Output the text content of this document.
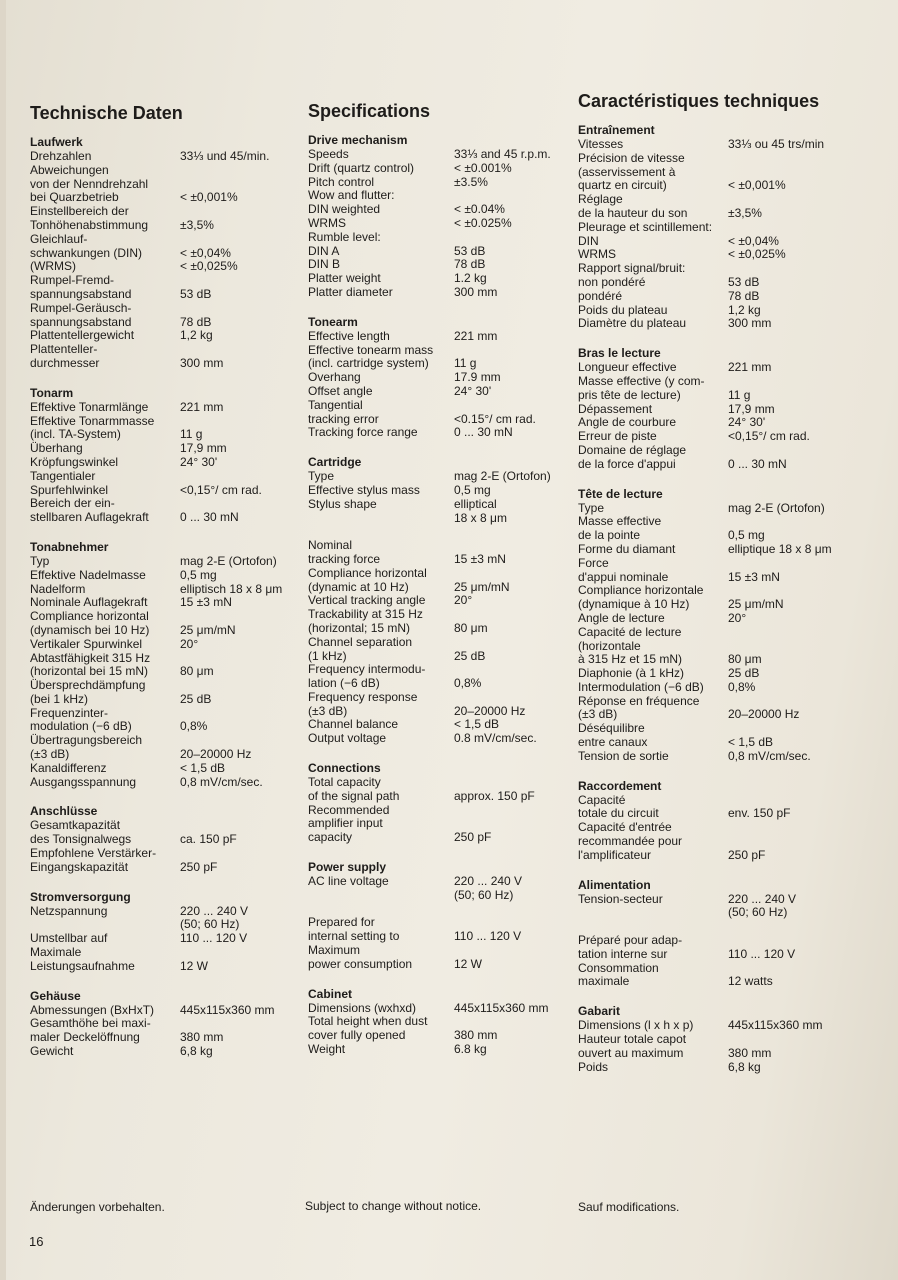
Technische Daten
Laufwerk
Drehzahlen	33⅓ und 45/min.
Abweichungen
von der Nenndrehzahl
bei Quarzbetrieb	< ±0,001%
Einstellbereich der
Tonhöhenabstimmung	±3,5%
Gleichlauf-
schwankungen (DIN)	< ±0,04%
(WRMS)	< ±0,025%
Rumpel-Fremd-
spannungsabstand	53 dB
Rumpel-Geräusch-
spannungsabstand	78 dB
Plattentellergewicht	1,2 kg
Plattenteller-
durchmesser	300 mm
Tonarm
Effektive Tonarmlänge	221 mm
Effektive Tonarmmasse
(incl. TA-System)	11 g
Überhang	17,9 mm
Kröpfungswinkel	24° 30'
Tangentialer
Spurfehlwinkel	<0,15°/ cm rad.
Bereich der ein-
stellbaren Auflagekraft	0 ... 30 mN
Tonabnehmer
Typ	mag 2-E (Ortofon)
Effektive Nadelmasse	0,5 mg
Nadelform	elliptisch 18 x 8 μm
Nominale Auflagekraft	15 ±3 mN
Compliance horizontal
(dynamisch bei 10 Hz)	25 μm/mN
Vertikaler Spurwinkel	20°
Abtastfähigkeit 315 Hz
(horizontal bei 15 mN)	80 μm
Übersprechdämpfung
(bei 1 kHz)	25 dB
Frequenzinter-
modulation (−6 dB)	0,8%
Übertragungsbereich
(±3 dB)	20–20000 Hz
Kanaldifferenz	< 1,5 dB
Ausgangsspannung	0,8 mV/cm/sec.
Anschlüsse
Gesamtkapazität
des Tonsignalwegs	ca. 150 pF
Empfohlene Verstärker-
Eingangskapazität	250 pF
Stromversorgung
Netzspannung	220 ... 240 V
(50; 60 Hz)
Umstellbar auf	110 ... 120 V
Maximale
Leistungsaufnahme	12 W
Gehäuse
Abmessungen (BxHxT)	445x115x360 mm
Gesamthöhe bei maxi-
maler Deckelöffnung	380 mm
Gewicht	6,8 kg
Specifications
Drive mechanism
Speeds	33⅓ and 45 r.p.m.
Drift (quartz control)	< ±0.001%
Pitch control	±3.5%
Wow and flutter:
DIN weighted	< ±0.04%
WRMS	< ±0.025%
Rumble level:
DIN A	53 dB
DIN B	78 dB
Platter weight	1.2 kg
Platter diameter	300 mm
Tonearm
Effective length	221 mm
Effective tonearm mass
(incl. cartridge system)	11 g
Overhang	17.9 mm
Offset angle	24° 30'
Tangential
tracking error	<0.15°/ cm rad.
Tracking force range	0 ... 30 mN
Cartridge
Type	mag 2-E (Ortofon)
Effective stylus mass	0,5 mg
Stylus shape	elliptical
18 x 8 μm

Nominal
tracking force	15 ±3 mN
Compliance horizontal
(dynamic at 10 Hz)	25 μm/mN
Vertical tracking angle	20°
Trackability at 315 Hz
(horizontal; 15 mN)	80 μm
Channel separation
(1 kHz)	25 dB
Frequency intermodu-
lation (−6 dB)	0,8%
Frequency response
(±3 dB)	20–20000 Hz
Channel balance	< 1,5 dB
Output voltage	0.8 mV/cm/sec.
Connections
Total capacity
of the signal path	approx. 150 pF
Recommended
amplifier input
capacity	250 pF
Power supply
AC line voltage	220 ... 240 V
(50; 60 Hz)

Prepared for
internal setting to	110 ... 120 V
Maximum
power consumption	12 W
Cabinet
Dimensions (wxhxd)	445x115x360 mm
Total height when dust
cover fully opened	380 mm
Weight	6.8 kg
Caractéristiques techniques
Entraînement
Vitesses	33⅓ ou 45 trs/min
Précision de vitesse
(asservissement à
quartz en circuit)	< ±0,001%
Réglage
de la hauteur du son	±3,5%
Pleurage et scintillement:
DIN	< ±0,04%
WRMS	< ±0,025%
Rapport signal/bruit:
non pondéré	53 dB
pondéré	78 dB
Poids du plateau	1,2 kg
Diamètre du plateau	300 mm
Bras le lecture
Longueur effective	221 mm
Masse effective (y com-
pris tête de lecture)	11 g
Dépassement	17,9 mm
Angle de courbure	24° 30'
Erreur de piste	<0,15°/ cm rad.
Domaine de réglage
de la force d'appui	0 ... 30 mN
Tête de lecture
Type	mag 2-E (Ortofon)
Masse effective
de la pointe	0,5 mg
Forme du diamant	elliptique 18 x 8 μm
Force
d'appui nominale	15 ±3 mN
Compliance horizontale
(dynamique à 10 Hz)	25 μm/mN
Angle de lecture	20°
Capacité de lecture
(horizontale
à 315 Hz et 15 mN)	80 μm
Diaphonie (à 1 kHz)	25 dB
Intermodulation (−6 dB)	0,8%
Réponse en fréquence
(±3 dB)	20–20000 Hz
Déséquilibre
entre canaux	< 1,5 dB
Tension de sortie	0,8 mV/cm/sec.
Raccordement
Capacité
totale du circuit	env. 150 pF
Capacité d'entrée
recommandée pour
l'amplificateur	250 pF
Alimentation
Tension-secteur	220 ... 240 V
(50; 60 Hz)

Préparé pour adap-
tation interne sur	110 ... 120 V
Consommation
maximale	12 watts
Gabarit
Dimensions (l x h x p)	445x115x360 mm
Hauteur totale capot
ouvert au maximum	380 mm
Poids	6,8 kg
Änderungen vorbehalten.	Subject to change without notice.	Sauf modifications.
16
